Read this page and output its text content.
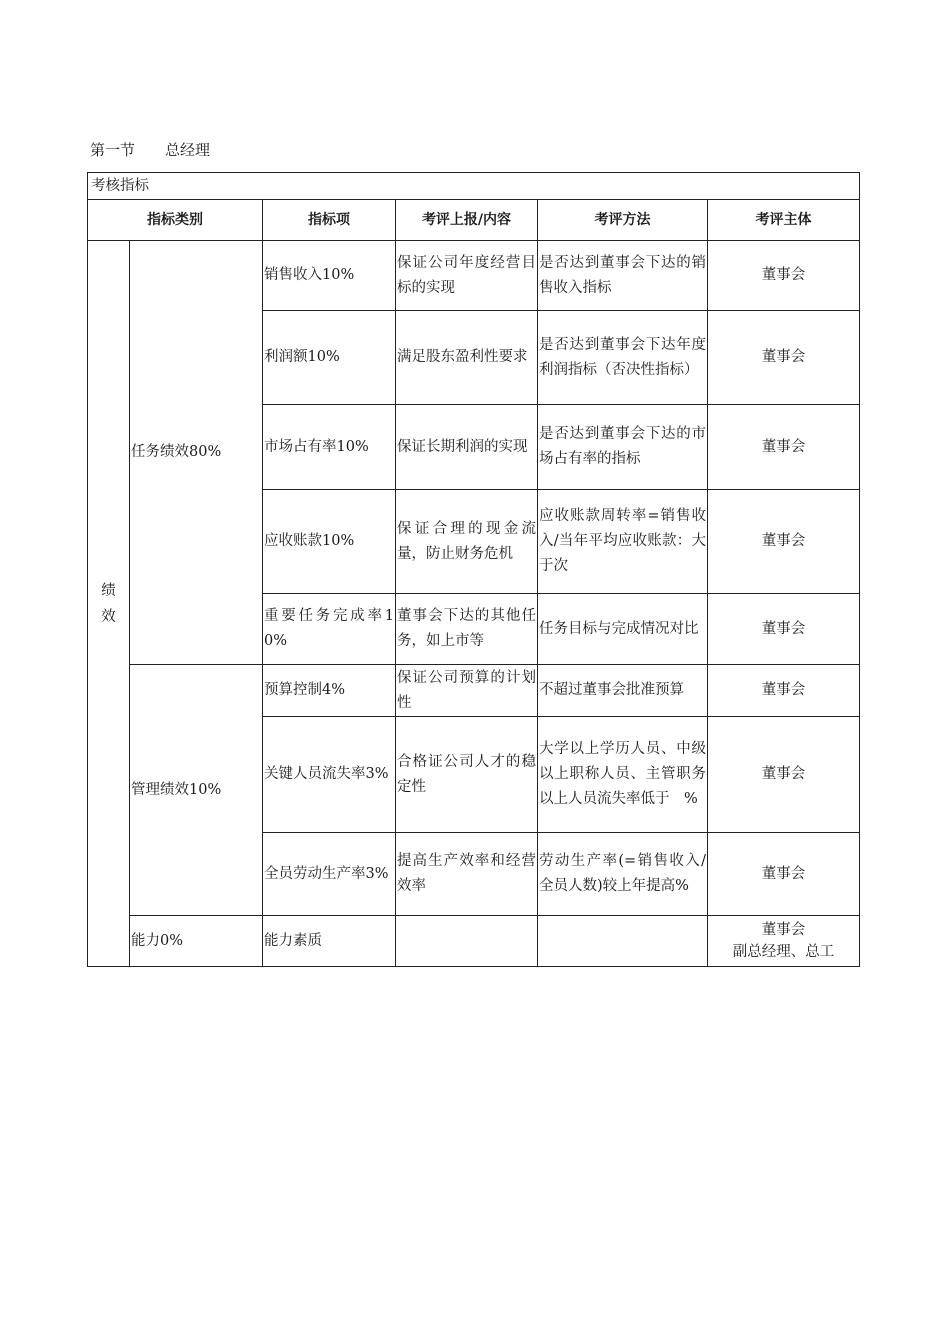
第一节　　总经理
考核指标					
指标类别		指标项	考评上报/内容	考评方法	考评主体

绩效	任务绩效80%	销售收入10%	保证公司年度经营目标的实现	是否达到董事会下达的销售收入指标	董事会
		利润额10%	满足股东盈利性要求	是否达到董事会下达年度利润指标（否决性指标）	董事会
		市场占有率10%	保证长期利润的实现	是否达到董事会下达的市场占有率的指标	董事会
		应收账款10%	保证合理的现金流量，防止财务危机	应收账款周转率=销售收入/当年平均应收账款：大于次	董事会
		重要任务完成率10%	董事会下达的其他任务，如上市等	任务目标与完成情况对比	董事会
	管理绩效10%	预算控制4%	保证公司预算的计划性	不超过董事会批准预算	董事会
		关键人员流失率3%	合格证公司人才的稳定性	大学以上学历人员、中级以上职称人员、主管职务以上人员流失率低于　%	董事会
		全员劳动生产率3%	提高生产效率和经营效率	劳动生产率(=销售收入/全员人数)较上年提高%	董事会
	能力0%	能力素质			董事会
副总经理、总工
